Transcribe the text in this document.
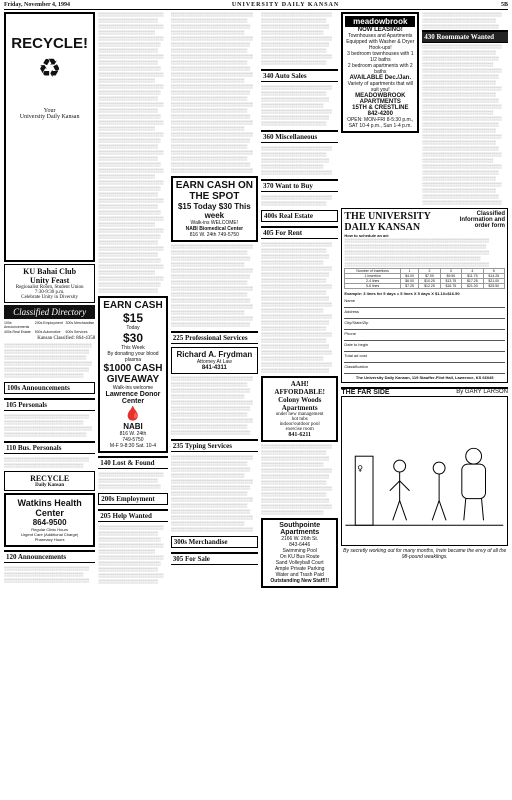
Friday, November 4, 1994	UNIVERSITY DAILY KANSAN	5B
RECYCLE!
♻
Your
University Daily Kansan
KU Bahai Club
Unity Feast
Regionalist Room, Student Union
7:30-9:30 p.m.
Celebrate Unity in Diversity
Classified Directory
100s Announcements
200s Employment 300s Merchandise
400s Real Estate	500s Automotive	600s Services
Kansan Classified: 864-4358

░░░░░░░░░░░░░░░░░░░░░░░░░░░░░░░

░░░░░░░░░░░░░░░░░░░░░░░░░░░░░░

░░░░░░░░░░░░░░░░░░░░░░░░░░░░░

░░░░░░░░░░░░░░░░░░░░░░░░░░░░░░░

░░░░░░░░░░░░░░░░░░░░░░░░░░░░░░

░░░░░░░░░░░░░░░░░░░░░░░░░░░░

100s Announcements
105 Personals

░░░░░░░░░░░░░░░░░░░░░░░░░░░░░░

░░░░░░░░░░░░░░░░░░░░░░░░░░░░

░░░░░░░░░░░░░░░░░░░░░░░░░░░░░░░

░░░░░░░░░░░░░░░░░░░░░░░░░░░░░

110 Bus. Personals

░░░░░░░░░░░░░░░░░░░░░░░░░░░░░░

░░░░░░░░░░░░░░░░░░░░░░░░░░░░

RECYCLE
Daily Kansan
Watkins Health Center
864-9500
Regular Clinic Hours
Urgent Care (Additional Charge)
Pharmacy Hours
120 Announcements

░░░░░░░░░░░░░░░░░░░░░░░░░░░░░░

░░░░░░░░░░░░░░░░░░░░░░░░░░░░

░░░░░░░░░░░░░░░░░░░░░░░░░░░░░░

░░░░░░░░░░░░░░░░░░░░░░░

░░░░░░░░░░░░░░░░░░░░░

░░░░░░░░░░░░░░░░░░░░░░░

░░░░░░░░░░░░░░░░░░░░

░░░░░░░░░░░░░░░░░░░░░░░

░░░░░░░░░░░░░░░░░░░░░░

░░░░░░░░░░░░░░░░░░░░░

░░░░░░░░░░░░░░░░░░░░░░░

░░░░░░░░░░░░░░░░░░░░░

░░░░░░░░░░░░░░░░░░░░░░

░░░░░░░░░░░░░░░░░░░░░░░

░░░░░░░░░░░░░░░░░░░░

░░░░░░░░░░░░░░░░░░░░░░░

░░░░░░░░░░░░░░░░░░░░░░

░░░░░░░░░░░░░░░░░░░░░

░░░░░░░░░░░░░░░░░░░░░░░

░░░░░░░░░░░░░░░░░░░░░

░░░░░░░░░░░░░░░░░░░░░░

░░░░░░░░░░░░░░░░░░░░░░░

░░░░░░░░░░░░░░░░░░░░

░░░░░░░░░░░░░░░░░░░░░░░

░░░░░░░░░░░░░░░░░░░░░░

░░░░░░░░░░░░░░░░░░░░░

░░░░░░░░░░░░░░░░░░░░░░░

░░░░░░░░░░░░░░░░░░░░░

░░░░░░░░░░░░░░░░░░░░░░

░░░░░░░░░░░░░░░░░░░░░░░

░░░░░░░░░░░░░░░░░░░░

░░░░░░░░░░░░░░░░░░░░░░░

░░░░░░░░░░░░░░░░░░░░░░

░░░░░░░░░░░░░░░░░░░░░

░░░░░░░░░░░░░░░░░░░░░░░

░░░░░░░░░░░░░░░░░░░░░

░░░░░░░░░░░░░░░░░░░░░░

░░░░░░░░░░░░░░░░░░░░░░░

░░░░░░░░░░░░░░░░░░░░

░░░░░░░░░░░░░░░░░░░░░░░

░░░░░░░░░░░░░░░░░░░░░░

░░░░░░░░░░░░░░░░░░░░░

░░░░░░░░░░░░░░░░░░░░░░░

░░░░░░░░░░░░░░░░░░░░░

░░░░░░░░░░░░░░░░░░░░░░

░░░░░░░░░░░░░░░░░░░░░░░

░░░░░░░░░░░░░░░░░░░░

░░░░░░░░░░░░░░░░░░░░░░░

░░░░░░░░░░░░░░░░░░░░░░

░░░░░░░░░░░░░░░░░░░░░

EARN CASH
$15
Today
$30
This Week
By donating your blood plasma
$1000 CASH GIVEAWAY
Walk-ins welcome
Lawrence Donor Center
🩸
NABI
816 W. 24th
749-5750
M-F 9-8:30 Sat. 10-4
140 Lost & Found

░░░░░░░░░░░░░░░░░░░░░░░

░░░░░░░░░░░░░░░░░░░░░

░░░░░░░░░░░░░░░░░░░░░░

200s Employment
205 Help Wanted

░░░░░░░░░░░░░░░░░░░░░░░

░░░░░░░░░░░░░░░░░░░░░

░░░░░░░░░░░░░░░░░░░░░░

░░░░░░░░░░░░░░░░░░░░░░░

░░░░░░░░░░░░░░░░░░░░

░░░░░░░░░░░░░░░░░░░░░░░

░░░░░░░░░░░░░░░░░░░░░░

░░░░░░░░░░░░░░░░░░░░░

░░░░░░░░░░░░░░░░░░░░░░░

░░░░░░░░░░░░░░░░░░░░░

░░░░░░░░░░░░░░░░░░░░░░░░░░░░░

░░░░░░░░░░░░░░░░░░░░░░░░░░░

░░░░░░░░░░░░░░░░░░░░░░░░░░░░

░░░░░░░░░░░░░░░░░░░░░░░░░░

░░░░░░░░░░░░░░░░░░░░░░░░░░░░░

░░░░░░░░░░░░░░░░░░░░░░░░░░░░

░░░░░░░░░░░░░░░░░░░░░░░░░░░

░░░░░░░░░░░░░░░░░░░░░░░░░░░░░

░░░░░░░░░░░░░░░░░░░░░░░░░░░

░░░░░░░░░░░░░░░░░░░░░░░░░░░░

░░░░░░░░░░░░░░░░░░░░░░░░░░░░░

░░░░░░░░░░░░░░░░░░░░░░░░░░

░░░░░░░░░░░░░░░░░░░░░░░░░░░░░

░░░░░░░░░░░░░░░░░░░░░░░░░░░░

░░░░░░░░░░░░░░░░░░░░░░░░░░░

░░░░░░░░░░░░░░░░░░░░░░░░░░░░░

░░░░░░░░░░░░░░░░░░░░░░░░░░░

░░░░░░░░░░░░░░░░░░░░░░░░░░░░

░░░░░░░░░░░░░░░░░░░░░░░░░░░░░

░░░░░░░░░░░░░░░░░░░░░░░░░░

░░░░░░░░░░░░░░░░░░░░░░░░░░░░░

░░░░░░░░░░░░░░░░░░░░░░░░░░░░

░░░░░░░░░░░░░░░░░░░░░░░░░░░

░░░░░░░░░░░░░░░░░░░░░░░░░░░░░

░░░░░░░░░░░░░░░░░░░░░░░░░░░

░░░░░░░░░░░░░░░░░░░░░░░░░░░░

░░░░░░░░░░░░░░░░░░░░░░░░░░░░░

EARN CASH ON THE SPOT
$15 Today $30 This week
Walk-ins WELCOME!
NABI Biomedical Center
816 W. 24th 749-5750

░░░░░░░░░░░░░░░░░░░░░░░░░░░░░

░░░░░░░░░░░░░░░░░░░░░░░░░░░

░░░░░░░░░░░░░░░░░░░░░░░░░░░░

░░░░░░░░░░░░░░░░░░░░░░░░░░

░░░░░░░░░░░░░░░░░░░░░░░░░░░░░

░░░░░░░░░░░░░░░░░░░░░░░░░░░░

░░░░░░░░░░░░░░░░░░░░░░░░░░░

░░░░░░░░░░░░░░░░░░░░░░░░░░░░░

░░░░░░░░░░░░░░░░░░░░░░░░░░░

░░░░░░░░░░░░░░░░░░░░░░░░░░░░

░░░░░░░░░░░░░░░░░░░░░░░░░░░░░

░░░░░░░░░░░░░░░░░░░░░░░░░░

░░░░░░░░░░░░░░░░░░░░░░░░░░░░░

░░░░░░░░░░░░░░░░░░░░░░░░░░░░

225 Professional Services
Richard A. Frydman
Attorney At Law
841-4311

░░░░░░░░░░░░░░░░░░░░░░░░░░░░░

░░░░░░░░░░░░░░░░░░░░░░░░░░░

░░░░░░░░░░░░░░░░░░░░░░░░░░░░

░░░░░░░░░░░░░░░░░░░░░░░░░░

░░░░░░░░░░░░░░░░░░░░░░░░░░░░░

░░░░░░░░░░░░░░░░░░░░░░░░░░░░

░░░░░░░░░░░░░░░░░░░░░░░░░░░

░░░░░░░░░░░░░░░░░░░░░░░░░░░░░

░░░░░░░░░░░░░░░░░░░░░░░░░░░

░░░░░░░░░░░░░░░░░░░░░░░░░░░░

235 Typing Services

░░░░░░░░░░░░░░░░░░░░░░░░░░░░░

░░░░░░░░░░░░░░░░░░░░░░░░░░░

░░░░░░░░░░░░░░░░░░░░░░░░░░░░

░░░░░░░░░░░░░░░░░░░░░░░░░░

░░░░░░░░░░░░░░░░░░░░░░░░░░░░░

░░░░░░░░░░░░░░░░░░░░░░░░░░░░

░░░░░░░░░░░░░░░░░░░░░░░░░░░

░░░░░░░░░░░░░░░░░░░░░░░░░░░░░

░░░░░░░░░░░░░░░░░░░░░░░░░░░

░░░░░░░░░░░░░░░░░░░░░░░░░░░░

░░░░░░░░░░░░░░░░░░░░░░░░░░░░░

░░░░░░░░░░░░░░░░░░░░░░░░░░

░░░░░░░░░░░░░░░░░░░░░░░░░░░░░

300s Merchandise
305 For Sale

░░░░░░░░░░░░░░░░░░░░░░░░░

░░░░░░░░░░░░░░░░░░░░░░░

░░░░░░░░░░░░░░░░░░░░░░░░

░░░░░░░░░░░░░░░░░░░░░░

░░░░░░░░░░░░░░░░░░░░░░░░░

░░░░░░░░░░░░░░░░░░░░░░░░

░░░░░░░░░░░░░░░░░░░░░░░

░░░░░░░░░░░░░░░░░░░░░░░░░

░░░░░░░░░░░░░░░░░░░░░░░

340 Auto Sales

░░░░░░░░░░░░░░░░░░░░░░░░░

░░░░░░░░░░░░░░░░░░░░░░░

░░░░░░░░░░░░░░░░░░░░░░░░

░░░░░░░░░░░░░░░░░░░░░░

░░░░░░░░░░░░░░░░░░░░░░░░░

░░░░░░░░░░░░░░░░░░░░░░░░

░░░░░░░░░░░░░░░░░░░░░░░

360 Miscellaneous

░░░░░░░░░░░░░░░░░░░░░░░░░

░░░░░░░░░░░░░░░░░░░░░░░

░░░░░░░░░░░░░░░░░░░░░░░░

░░░░░░░░░░░░░░░░░░░░░░

░░░░░░░░░░░░░░░░░░░░░░░░░

370 Want to Buy

░░░░░░░░░░░░░░░░░░░░░░░░░

░░░░░░░░░░░░░░░░░░░░░░░

400s Real Estate
405 For Rent

░░░░░░░░░░░░░░░░░░░░░░░░░

░░░░░░░░░░░░░░░░░░░░░░░

░░░░░░░░░░░░░░░░░░░░░░░░

░░░░░░░░░░░░░░░░░░░░░░

░░░░░░░░░░░░░░░░░░░░░░░░░

░░░░░░░░░░░░░░░░░░░░░░░░

░░░░░░░░░░░░░░░░░░░░░░░

░░░░░░░░░░░░░░░░░░░░░░░░░

░░░░░░░░░░░░░░░░░░░░░░░

░░░░░░░░░░░░░░░░░░░░░░░░

░░░░░░░░░░░░░░░░░░░░░░░░░

░░░░░░░░░░░░░░░░░░░░░░

░░░░░░░░░░░░░░░░░░░░░░░░░

░░░░░░░░░░░░░░░░░░░░░░░░

░░░░░░░░░░░░░░░░░░░░░░░

░░░░░░░░░░░░░░░░░░░░░░░░░

░░░░░░░░░░░░░░░░░░░░░░░

░░░░░░░░░░░░░░░░░░░░░░░░

░░░░░░░░░░░░░░░░░░░░░░░░░

░░░░░░░░░░░░░░░░░░░░░░

░░░░░░░░░░░░░░░░░░░░░░░░░

░░░░░░░░░░░░░░░░░░░░░░░░

AAH! AFFORDABLE! Colony Woods Apartments
under new management
hot tubs
indoor/outdoor pool
exercise room
841-6211

░░░░░░░░░░░░░░░░░░░░░░░░░

░░░░░░░░░░░░░░░░░░░░░░░

░░░░░░░░░░░░░░░░░░░░░░░░

░░░░░░░░░░░░░░░░░░░░░░

░░░░░░░░░░░░░░░░░░░░░░░░░

░░░░░░░░░░░░░░░░░░░░░░░░

░░░░░░░░░░░░░░░░░░░░░░░

░░░░░░░░░░░░░░░░░░░░░░░░░

░░░░░░░░░░░░░░░░░░░░░░░

░░░░░░░░░░░░░░░░░░░░░░░░

░░░░░░░░░░░░░░░░░░░░░░░░░

░░░░░░░░░░░░░░░░░░░░░░

Southpointe Apartments
2166 W. 26th St.
843-6446
Swimming Pool
On KU Bus Route
Sand Volleyball Court
Ample Private Parking
Water and Trash Paid
Outstanding New Staff!!!
meadowbrook
NOW LEASING!
Townhouses and Apartments
Equipped with Washer & Dryer Hook-ups!
3 bedroom townhouses with 1 1/2 baths
2 bedroom apartments with 2 baths
AVAILABLE Dec./Jan.
Variety of apartments that will suit you!
MEADOWBROOK APARTMENTS
15TH & CRESTLINE
842-4200
OPEN: MON-FRI 8-5:30 p.m., SAT 10-4 p.m., Sun 1-4 p.m.

░░░░░░░░░░░░░░░░░░░░░░░░░░░░

░░░░░░░░░░░░░░░░░░░░░░░░░░

░░░░░░░░░░░░░░░░░░░░░░░░░░░

430 Roommate Wanted

░░░░░░░░░░░░░░░░░░░░░░░░░░░░

░░░░░░░░░░░░░░░░░░░░░░░░░░

░░░░░░░░░░░░░░░░░░░░░░░░░░░

░░░░░░░░░░░░░░░░░░░░░░░░░

░░░░░░░░░░░░░░░░░░░░░░░░░░░░

░░░░░░░░░░░░░░░░░░░░░░░░░░░

░░░░░░░░░░░░░░░░░░░░░░░░░░

░░░░░░░░░░░░░░░░░░░░░░░░░░░░

░░░░░░░░░░░░░░░░░░░░░░░░░░

░░░░░░░░░░░░░░░░░░░░░░░░░░░

░░░░░░░░░░░░░░░░░░░░░░░░░░░░

░░░░░░░░░░░░░░░░░░░░░░░░░

░░░░░░░░░░░░░░░░░░░░░░░░░░░░

░░░░░░░░░░░░░░░░░░░░░░░░░░░

░░░░░░░░░░░░░░░░░░░░░░░░░░

░░░░░░░░░░░░░░░░░░░░░░░░░░░░

░░░░░░░░░░░░░░░░░░░░░░░░░░

░░░░░░░░░░░░░░░░░░░░░░░░░░░

░░░░░░░░░░░░░░░░░░░░░░░░░░░░

░░░░░░░░░░░░░░░░░░░░░░░░░

░░░░░░░░░░░░░░░░░░░░░░░░░░░░

░░░░░░░░░░░░░░░░░░░░░░░░░░░

░░░░░░░░░░░░░░░░░░░░░░░░░░

░░░░░░░░░░░░░░░░░░░░░░░░░░░░

░░░░░░░░░░░░░░░░░░░░░░░░░░

░░░░░░░░░░░░░░░░░░░░░░░░░░░

░░░░░░░░░░░░░░░░░░░░░░░░░░░░

THE UNIVERSITY DAILY KANSAN
Classified Information and order form
How to schedule an ad:

░░░░░░░░░░░░░░░░░░░░░░░░░░░░░░░░░░░░░░░░░░░░░░░░░░░

░░░░░░░░░░░░░░░░░░░░░░░░░░░░░░░░░░░░░░░░░░░░░░░░░░

░░░░░░░░░░░░░░░░░░░░░░░░░░░░░░░░░░░░░░░░░░░░░░░░░░░

░░░░░░░░░░░░░░░░░░░░░░░░░░░░░░░░░░░░░░░░░░░░░░░░

░░░░░░░░░░░░░░░░░░░░░░░░░░░░░░░░░░░░░░░░░░░░░░░░░░░

Number of Insertions	1	2	3	4	5
1 Insertion	$4.00	$7.00	$9.50	$11.75	$14.25
2-4 lines	$6.00	$10.25	$13.75	$17.25	$21.00
5-6 lines	$7.25	$12.25	$16.75	$21.00	$25.50
Example: 3 lines for 5 days = 5 lines X 5 days X $1.10=$16.50
Name
Address
City/State/Zip
Phone
Date to begin
Total ad cost
Classification
The University Daily Kansan, 119 Stauffer-Flint Hall, Lawrence, KS 66045
THE FAR SIDE	By GARY LARSON
♀
By secretly working out for many months, Irwin became the envy of all the 98-pound weaklings.
